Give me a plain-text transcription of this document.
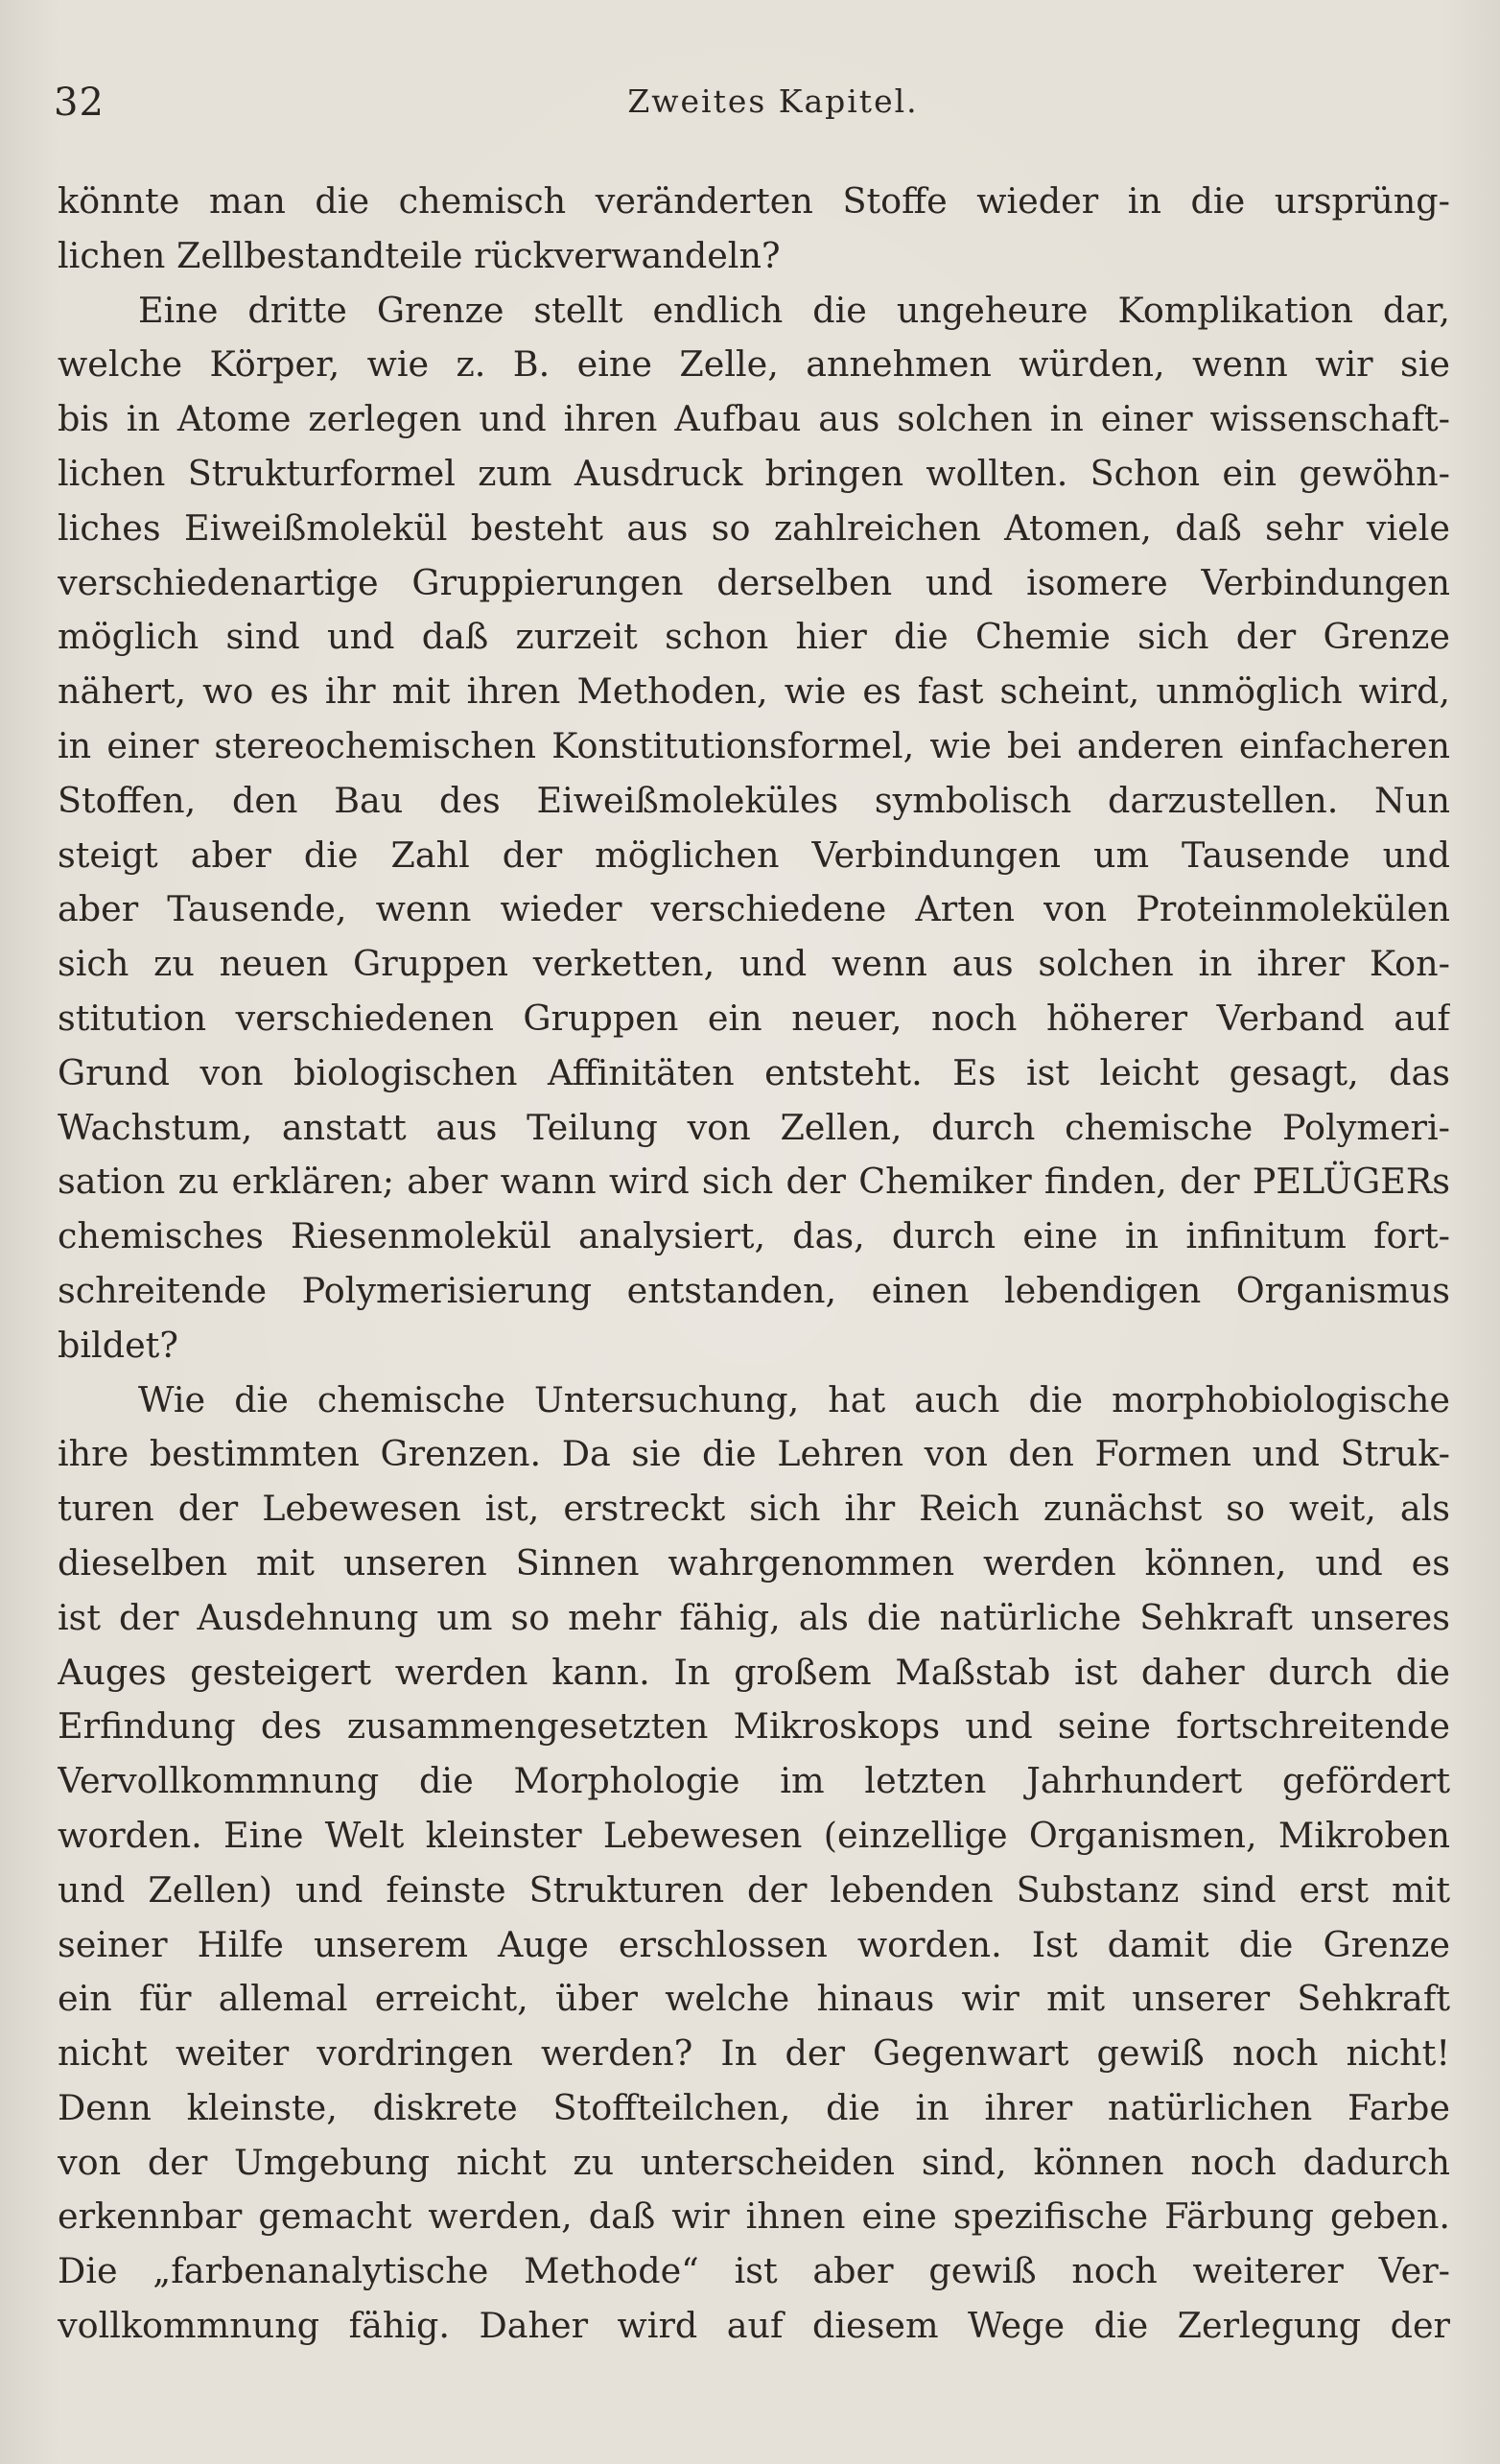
32	Zweites Kapitel.
könnte man die chemisch veränderten Stoffe wieder in die ursprüng-
lichen Zellbestandteile rückverwandeln?
Eine dritte Grenze stellt endlich die ungeheure Komplikation dar,
welche Körper, wie z. B. eine Zelle, annehmen würden, wenn wir sie
bis in Atome zerlegen und ihren Aufbau aus solchen in einer wissenschaft-
lichen Strukturformel zum Ausdruck bringen wollten. Schon ein gewöhn-
liches Eiweißmolekül besteht aus so zahlreichen Atomen, daß sehr viele
verschiedenartige Gruppierungen derselben und isomere Verbindungen
möglich sind und daß zurzeit schon hier die Chemie sich der Grenze
nähert, wo es ihr mit ihren Methoden, wie es fast scheint, unmöglich wird,
in einer stereochemischen Konstitutionsformel, wie bei anderen einfacheren
Stoffen, den Bau des Eiweißmoleküles symbolisch darzustellen. Nun
steigt aber die Zahl der möglichen Verbindungen um Tausende und
aber Tausende, wenn wieder verschiedene Arten von Proteinmolekülen
sich zu neuen Gruppen verketten, und wenn aus solchen in ihrer Kon-
stitution verschiedenen Gruppen ein neuer, noch höherer Verband auf
Grund von biologischen Affinitäten entsteht. Es ist leicht gesagt, das
Wachstum, anstatt aus Teilung von Zellen, durch chemische Polymeri-
sation zu erklären; aber wann wird sich der Chemiker finden, der PELÜGERs
chemisches Riesenmolekül analysiert, das, durch eine in infinitum fort-
schreitende Polymerisierung entstanden, einen lebendigen Organismus
bildet?
Wie die chemische Untersuchung, hat auch die morphobiologische
ihre bestimmten Grenzen. Da sie die Lehren von den Formen und Struk-
turen der Lebewesen ist, erstreckt sich ihr Reich zunächst so weit, als
dieselben mit unseren Sinnen wahrgenommen werden können, und es
ist der Ausdehnung um so mehr fähig, als die natürliche Sehkraft unseres
Auges gesteigert werden kann. In großem Maßstab ist daher durch die
Erfindung des zusammengesetzten Mikroskops und seine fortschreitende
Vervollkommnung die Morphologie im letzten Jahrhundert gefördert
worden. Eine Welt kleinster Lebewesen (einzellige Organismen, Mikroben
und Zellen) und feinste Strukturen der lebenden Substanz sind erst mit
seiner Hilfe unserem Auge erschlossen worden. Ist damit die Grenze
ein für allemal erreicht, über welche hinaus wir mit unserer Sehkraft
nicht weiter vordringen werden? In der Gegenwart gewiß noch nicht!
Denn kleinste, diskrete Stoffteilchen, die in ihrer natürlichen Farbe
von der Umgebung nicht zu unterscheiden sind, können noch dadurch
erkennbar gemacht werden, daß wir ihnen eine spezifische Färbung geben.
Die „farbenanalytische Methode“ ist aber gewiß noch weiterer Ver-
vollkommnung fähig. Daher wird auf diesem Wege die Zerlegung der
